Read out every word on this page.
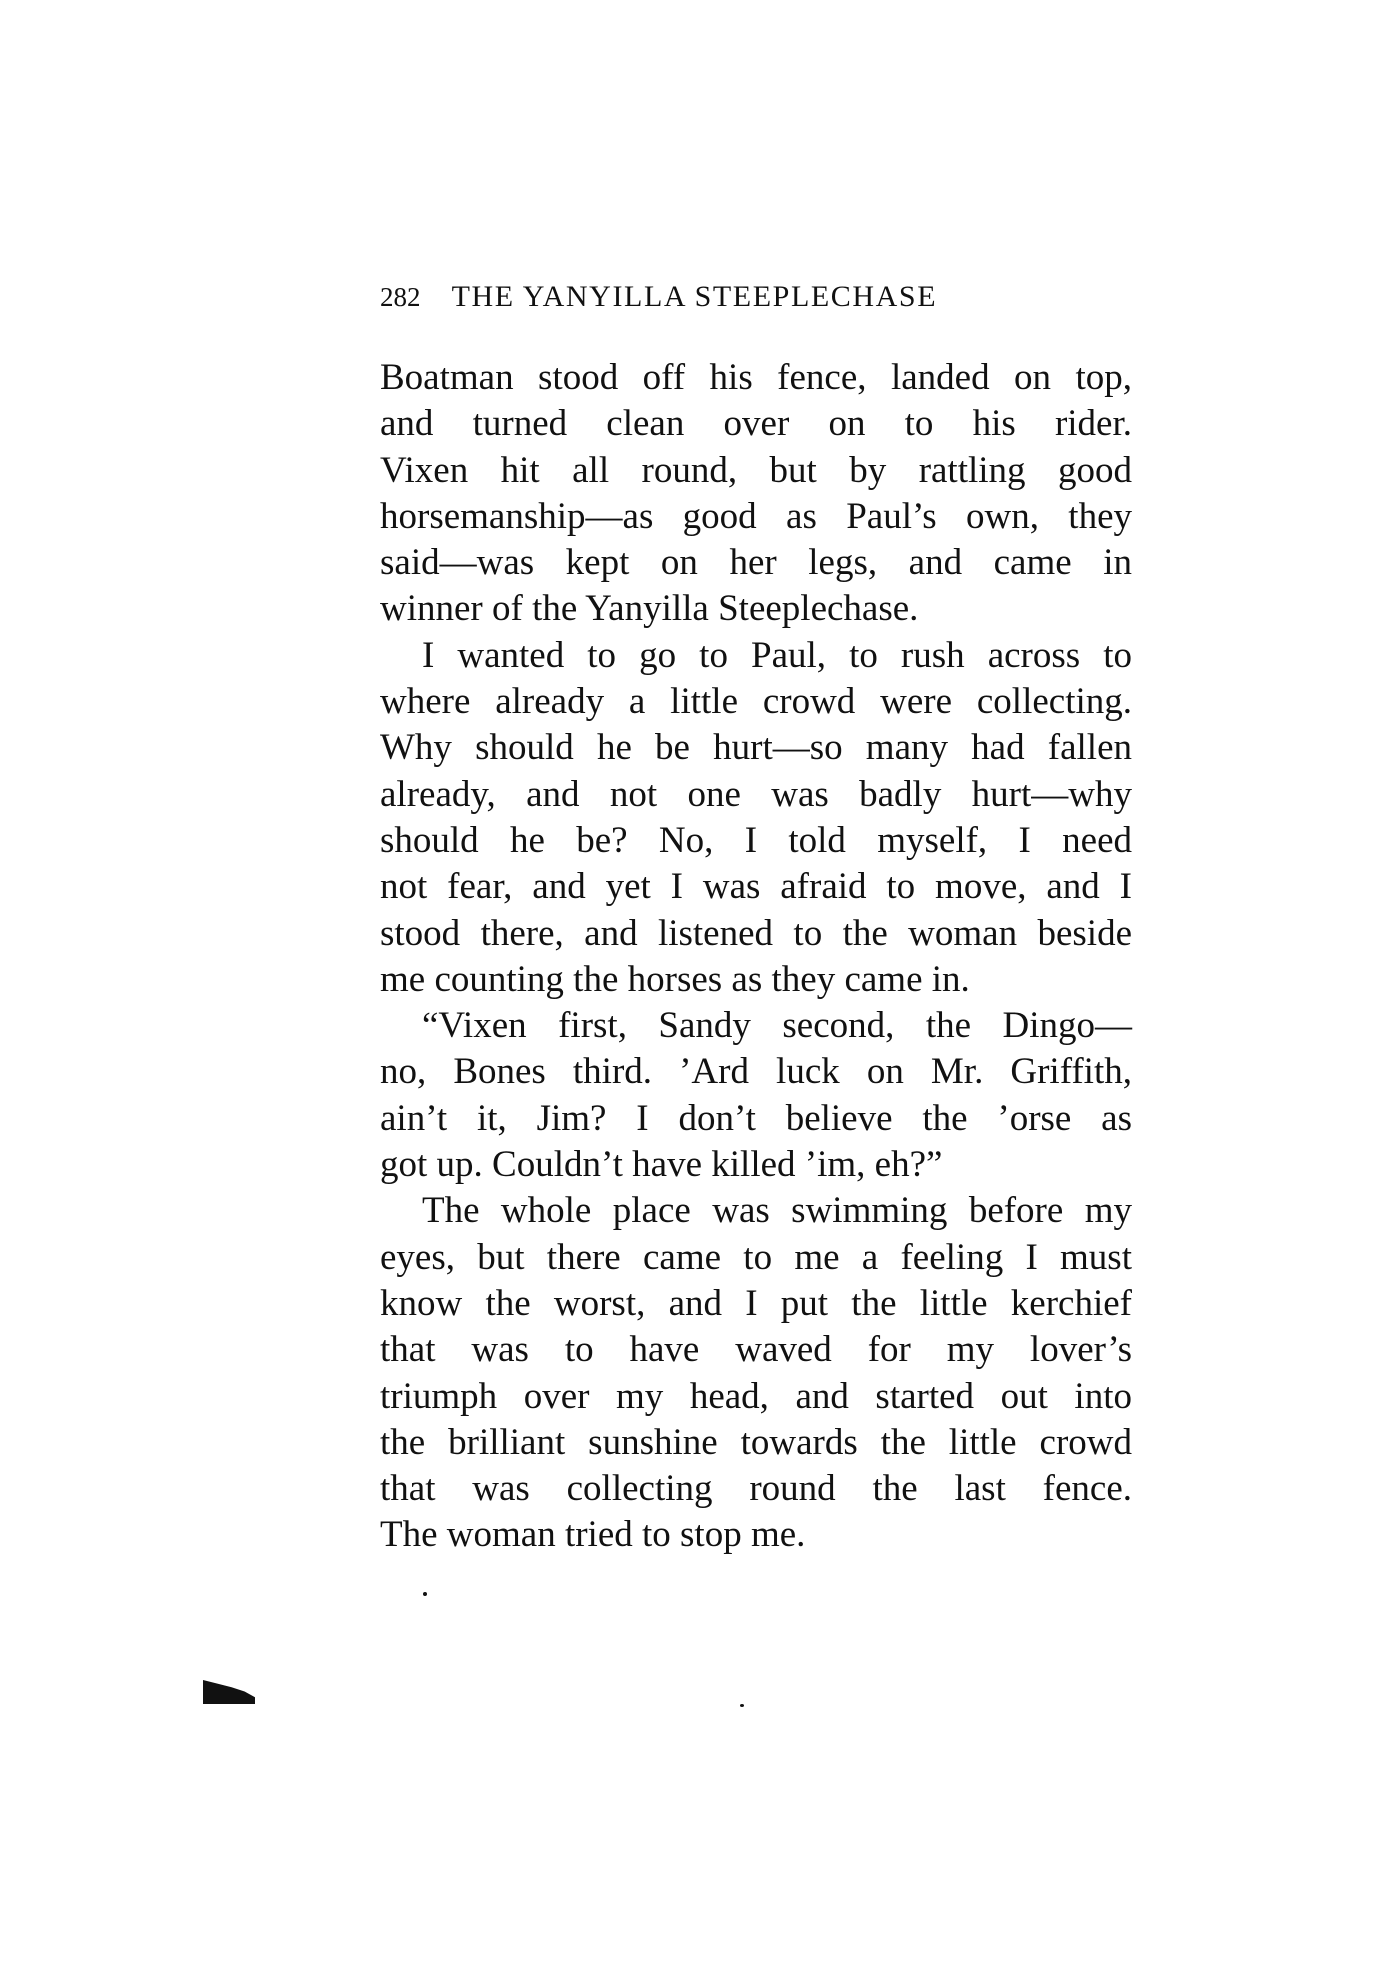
282 THE YANYILLA STEEPLECHASE
Boatman stood off his fence, landed on top,
and turned clean over on to his rider.
Vixen hit all round, but by rattling good
horsemanship—as good as Paul’s own, they
said—was kept on her legs, and came in
winner of the Yanyilla Steeplechase.
I wanted to go to Paul, to rush across to
where already a little crowd were collecting.
Why should he be hurt—so many had fallen
already, and not one was badly hurt—why
should he be? No, I told myself, I need
not fear, and yet I was afraid to move, and I
stood there, and listened to the woman beside
me counting the horses as they came in.
“Vixen first, Sandy second, the Dingo—
no, Bones third. ’Ard luck on Mr. Griffith,
ain’t it, Jim? I don’t believe the ’orse as
got up. Couldn’t have killed ’im, eh?”
The whole place was swimming before my
eyes, but there came to me a feeling I must
know the worst, and I put the little kerchief
that was to have waved for my lover’s
triumph over my head, and started out into
the brilliant sunshine towards the little crowd
that was collecting round the last fence.
The woman tried to stop me.
